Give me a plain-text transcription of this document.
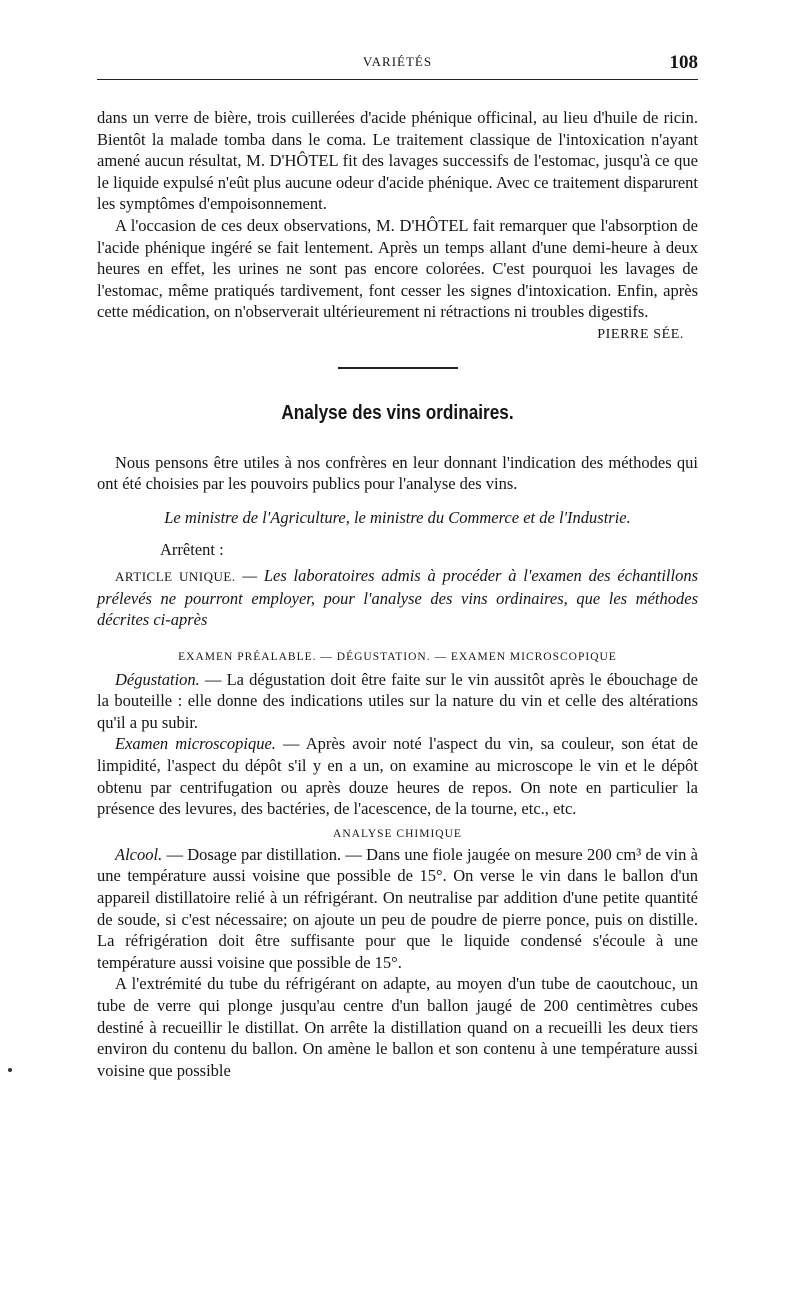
VARIÉTÉS	108

dans un verre de bière, trois cuillerées d'acide phénique officinal, au lieu d'huile de ricin. Bientôt la malade tomba dans le coma. Le traitement classique de l'intoxication n'ayant amené aucun résultat, M. D'HÔTEL fit des lavages successifs de l'estomac, jusqu'à ce que le liquide expulsé n'eût plus aucune odeur d'acide phénique. Avec ce traitement disparurent les symptômes d'empoisonnement.

A l'occasion de ces deux observations, M. D'HÔTEL fait remarquer que l'absorption de l'acide phénique ingéré se fait lentement. Après un temps allant d'une demi-heure à deux heures en effet, les urines ne sont pas encore colorées. C'est pourquoi les lavages de l'estomac, même pratiqués tardivement, font cesser les signes d'intoxication. Enfin, après cette médication, on n'observerait ultérieurement ni rétractions ni troubles digestifs.

PIERRE SÉE.

Analyse des vins ordinaires.

Nous pensons être utiles à nos confrères en leur donnant l'indication des méthodes qui ont été choisies par les pouvoirs publics pour l'analyse des vins.

Le ministre de l'Agriculture, le ministre du Commerce et de l'Industrie.

Arrêtent :

ARTICLE UNIQUE. — Les laboratoires admis à procéder à l'examen des échantillons prélevés ne pourront employer, pour l'analyse des vins ordinaires, que les méthodes décrites ci-après

EXAMEN PRÉALABLE. — DÉGUSTATION. — EXAMEN MICROSCOPIQUE

Dégustation. — La dégustation doit être faite sur le vin aussitôt après le ébouchage de la bouteille : elle donne des indications utiles sur la nature du vin et celle des altérations qu'il a pu subir.

Examen microscopique. — Après avoir noté l'aspect du vin, sa couleur, son état de limpidité, l'aspect du dépôt s'il y en a un, on examine au microscope le vin et le dépôt obtenu par centrifugation ou après douze heures de repos. On note en particulier la présence des levures, des bactéries, de l'acescence, de la tourne, etc., etc.

ANALYSE CHIMIQUE

Alcool. — Dosage par distillation. — Dans une fiole jaugée on mesure 200 cm³ de vin à une température aussi voisine que possible de 15°. On verse le vin dans le ballon d'un appareil distillatoire relié à un réfrigérant. On neutralise par addition d'une petite quantité de soude, si c'est nécessaire; on ajoute un peu de poudre de pierre ponce, puis on distille. La réfrigération doit être suffisante pour que le liquide condensé s'écoule à une température aussi voisine que possible de 15°.

A l'extrémité du tube du réfrigérant on adapte, au moyen d'un tube de caoutchouc, un tube de verre qui plonge jusqu'au centre d'un ballon jaugé de 200 centimètres cubes destiné à recueillir le distillat. On arrête la distillation quand on a recueilli les deux tiers environ du contenu du ballon. On amène le ballon et son contenu à une température aussi voisine que possible
